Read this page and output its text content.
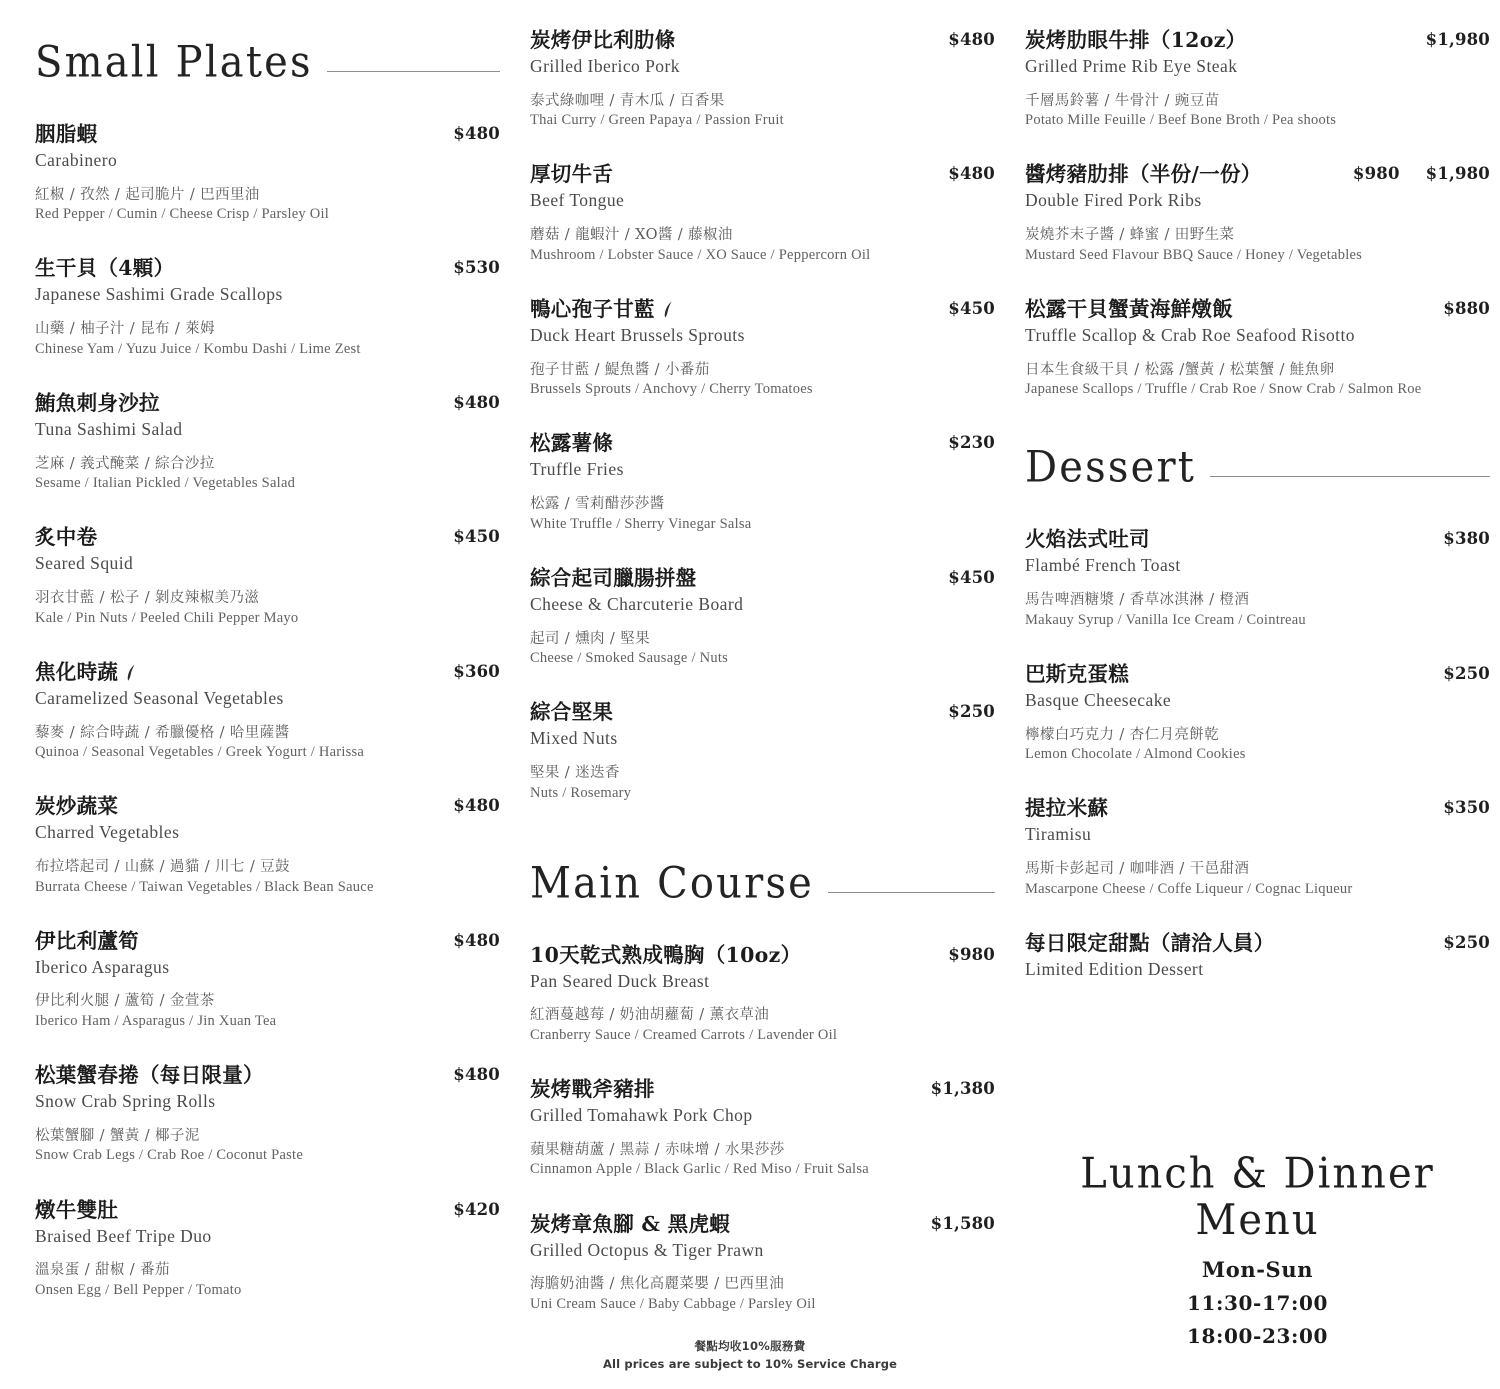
Small Plates
胭脂蝦
Carabinero
$480
紅椒 / 孜然 / 起司脆片 / 巴西里油
Red Pepper / Cumin / Cheese Crisp / Parsley Oil
生干貝（4顆）
Japanese Sashimi Grade Scallops
$530
山藥 / 柚子汁 / 昆布 / 萊姆
Chinese Yam / Yuzu Juice / Kombu Dashi / Lime Zest
鮪魚刺身沙拉
Tuna Sashimi Salad
$480
芝麻 / 義式醃菜 / 綜合沙拉
Sesame / Italian Pickled / Vegetables Salad
炙中卷
Seared Squid
$450
羽衣甘藍 / 松子 / 剝皮辣椒美乃滋
Kale / Pin Nuts / Peeled Chili Pepper Mayo
焦化時蔬
Caramelized Seasonal Vegetables
$360
藜麥 / 綜合時蔬 / 希臘優格 / 哈里薩醬
Quinoa / Seasonal Vegetables / Greek Yogurt / Harissa
炭炒蔬菜
Charred Vegetables
$480
布拉塔起司 / 山蘇 / 過貓 / 川七 / 豆鼓
Burrata Cheese / Taiwan Vegetables / Black Bean Sauce
伊比利蘆筍
Iberico Asparagus
$480
伊比利火腿 / 蘆筍 / 金萱茶
Iberico Ham / Asparagus / Jin Xuan Tea
松葉蟹春捲（每日限量）
Snow Crab Spring Rolls
$480
松葉蟹腳 / 蟹黃 / 椰子泥
Snow Crab Legs / Crab Roe / Coconut Paste
燉牛雙肚
Braised Beef Tripe Duo
$420
溫泉蛋 / 甜椒 / 番茄
Onsen Egg / Bell Pepper / Tomato
炭烤伊比利肋條
Grilled Iberico Pork
$480
泰式綠咖哩 / 青木瓜 / 百香果
Thai Curry / Green Papaya / Passion Fruit
厚切牛舌
Beef Tongue
$480
蘑菇 / 龍蝦汁 / XO醬 / 藤椒油
Mushroom / Lobster Sauce / XO Sauce / Peppercorn Oil
鴨心孢子甘藍
Duck Heart Brussels Sprouts
$450
孢子甘藍 / 鯷魚醬 / 小番茄
Brussels Sprouts / Anchovy / Cherry Tomatoes
松露薯條
Truffle Fries
$230
松露 / 雪莉醋莎莎醬
White Truffle / Sherry Vinegar Salsa
綜合起司臘腸拼盤
Cheese & Charcuterie Board
$450
起司 / 燻肉 / 堅果
Cheese / Smoked Sausage / Nuts
綜合堅果
Mixed Nuts
$250
堅果 / 迷迭香
Nuts / Rosemary
Main Course
10天乾式熟成鴨胸（10oz）
Pan Seared Duck Breast
$980
紅酒蔓越莓 / 奶油胡蘿蔔 / 薰衣草油
Cranberry Sauce / Creamed Carrots / Lavender Oil
炭烤戰斧豬排
Grilled Tomahawk Pork Chop
$1,380
蘋果糖葫蘆 / 黑蒜 / 赤味增 / 水果莎莎
Cinnamon Apple / Black Garlic / Red Miso / Fruit Salsa
炭烤章魚腳 & 黑虎蝦
Grilled Octopus & Tiger Prawn
$1,580
海膽奶油醬 / 焦化高麗菜嬰 / 巴西里油
Uni Cream Sauce / Baby Cabbage / Parsley Oil
炭烤肋眼牛排（12oz）
Grilled Prime Rib Eye Steak
$1,980
千層馬鈴薯 / 牛骨汁 / 豌豆苗
Potato Mille Feuille / Beef Bone Broth / Pea shoots
醬烤豬肋排（半份/一份）
Double Fired Pork Ribs
$980 $1,980
炭燒芥末子醬 / 蜂蜜 / 田野生菜
Mustard Seed Flavour BBQ Sauce / Honey / Vegetables
松露干貝蟹黃海鮮燉飯
Truffle Scallop & Crab Roe Seafood Risotto
$880
日本生食級干貝 / 松露 /蟹黃 / 松葉蟹 / 鮭魚卵
Japanese Scallops / Truffle / Crab Roe / Snow Crab / Salmon Roe
Dessert
火焰法式吐司
Flambé French Toast
$380
馬告啤酒糖漿 / 香草冰淇淋 / 橙酒
Makauy Syrup / Vanilla Ice Cream / Cointreau
巴斯克蛋糕
Basque Cheesecake
$250
檸檬白巧克力 / 杏仁月亮餅乾
Lemon Chocolate / Almond Cookies
提拉米蘇
Tiramisu
$350
馬斯卡彭起司 / 咖啡酒 / 干邑甜酒
Mascarpone Cheese / Coffe Liqueur / Cognac Liqueur
每日限定甜點（請洽人員）
Limited Edition Dessert
$250
Lunch & Dinner Menu
Mon-Sun
11:30-17:00
18:00-23:00
餐點均收10%服務費
All prices are subject to 10% Service Charge
